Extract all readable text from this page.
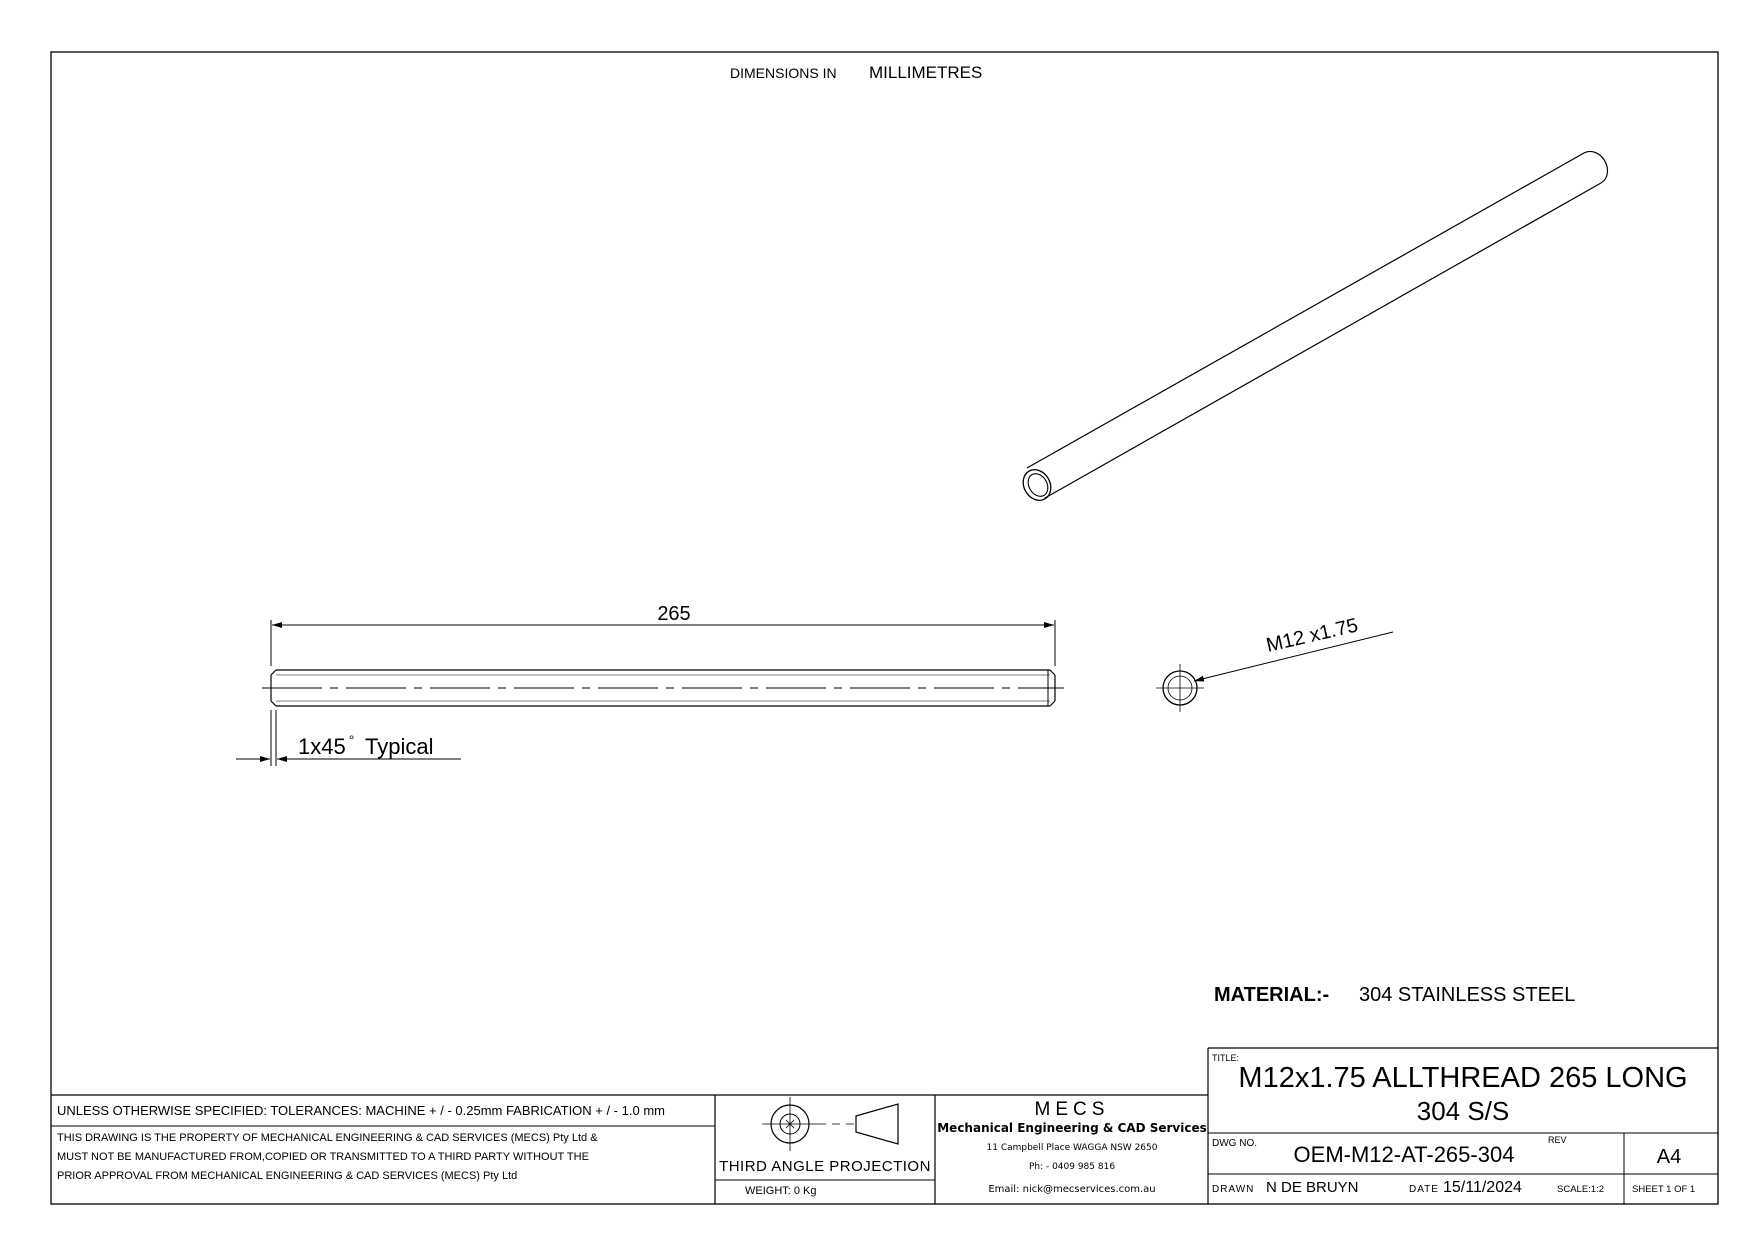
DIMENSIONS IN MILLIMETRES
265
1x45 ° Typical
M12 x1.75
MATERIAL:- 304 STAINLESS STEEL
UNLESS OTHERWISE SPECIFIED: TOLERANCES: MACHINE + / - 0.25mm FABRICATION + / - 1.0 mm
THIS DRAWING IS THE PROPERTY OF MECHANICAL ENGINEERING & CAD SERVICES (MECS) Pty Ltd &
MUST NOT BE MANUFACTURED FROM,COPIED OR TRANSMITTED TO A THIRD PARTY WITHOUT THE
PRIOR APPROVAL FROM MECHANICAL ENGINEERING & CAD SERVICES (MECS) Pty Ltd
THIRD ANGLE PROJECTION
WEIGHT: 0 Kg
MECS
Mechanical Engineering & CAD Services
11 Campbell Place WAGGA NSW 2650
Ph: - 0409 985 816
Email: nick@mecservices.com.au
TITLE:
M12x1.75 ALLTHREAD 265 LONG
304 S/S
DWG NO. OEM-M12-AT-265-304
REV
A4
DRAWN N DE BRUYN	DATE 15/11/2024	SCALE:1:2	SHEET 1 OF 1
